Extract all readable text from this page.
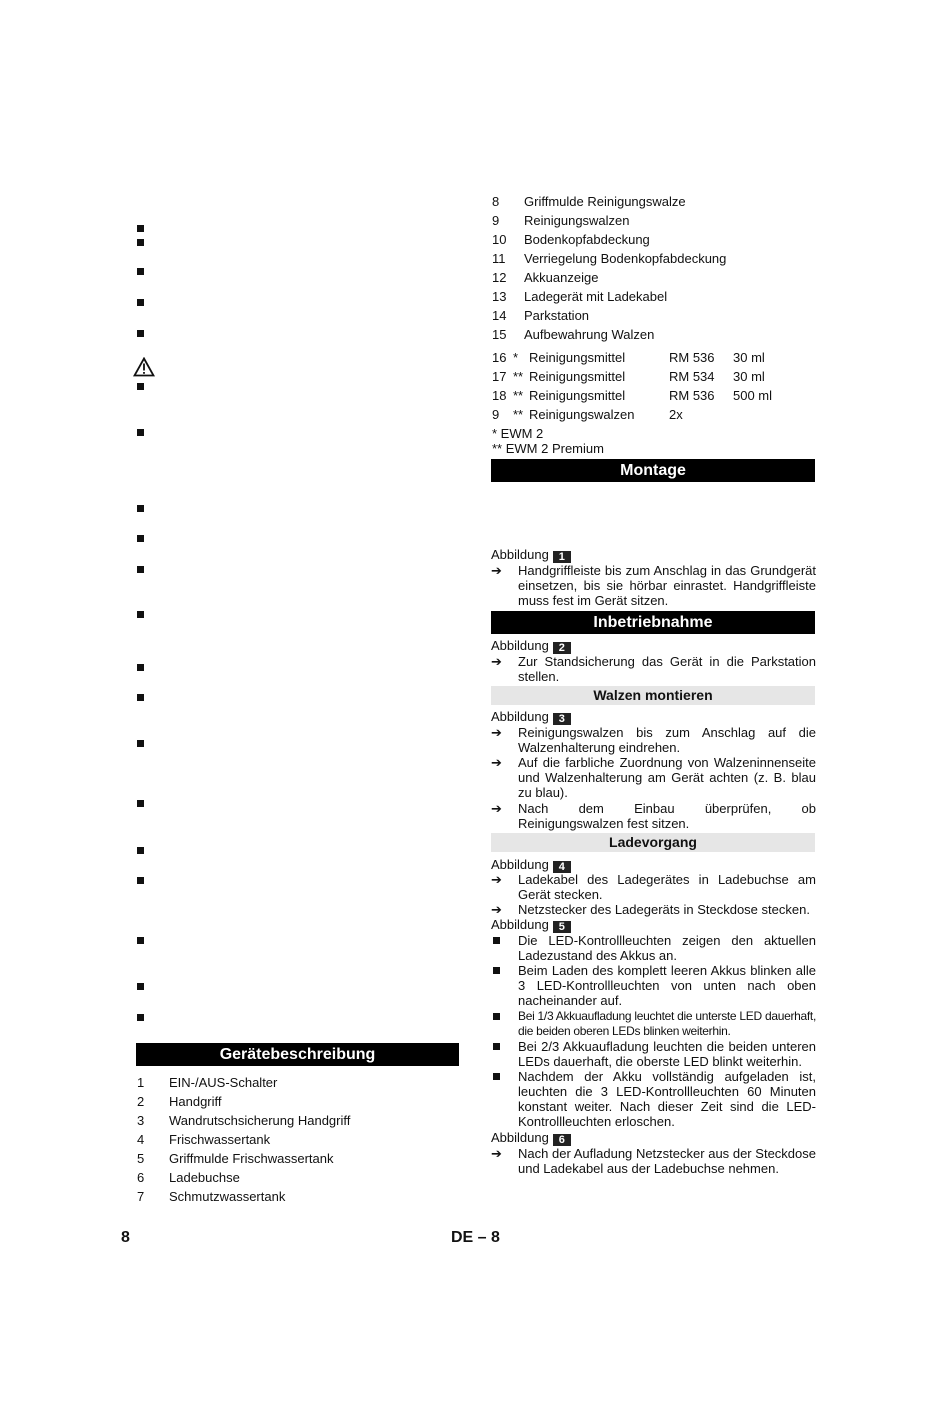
Gerätebeschreibung
1 EIN-/AUS-Schalter
2 Handgriff
3 Wandrutschsicherung Handgriff
4 Frischwassertank
5 Griffmulde Frischwassertank
6 Ladebuchse
7 Schmutzwassertank
8 Griffmulde Reinigungswalze
9 Reinigungswalzen
10 Bodenkopfabdeckung
11 Verriegelung Bodenkopfabdeckung
12 Akkuanzeige
13 Ladegerät mit Ladekabel
14 Parkstation
15 Aufbewahrung Walzen
16 * Reinigungsmittel	RM 536 30 ml
17 ** Reinigungsmittel	RM 534 30 ml
18 ** Reinigungsmittel	RM 536 500 ml
9 ** Reinigungswalzen	2x
* EWM 2
** EWM 2 Premium
Montage
Abbildung 1
➔ Handgriffleiste bis zum Anschlag in das Grundgerät einsetzen, bis sie hörbar einrastet. Handgriffleiste muss fest im Gerät sitzen.
Inbetriebnahme
Abbildung 2
➔ Zur Standsicherung das Gerät in die Parkstation stellen.
Walzen montieren
Abbildung 3
➔ Reinigungswalzen bis zum Anschlag auf die Walzenhalterung eindrehen.
➔ Auf die farbliche Zuordnung von Walzeninnenseite und Walzenhalterung am Gerät achten (z. B. blau zu blau).
➔ Nach dem Einbau überprüfen, ob Reinigungswalzen fest sitzen.
Ladevorgang
Abbildung 4
➔ Ladekabel des Ladegerätes in Ladebuchse am Gerät stecken.
➔ Netzstecker des Ladegeräts in Steckdose stecken.
Abbildung 5
Die LED-Kontrollleuchten zeigen den aktuellen Ladezustand des Akkus an.
Beim Laden des komplett leeren Akkus blinken alle 3 LED-Kontrollleuchten von unten nach oben nacheinander auf.
Bei 1/3 Akkuaufladung leuchtet die unterste LED dauerhaft, die beiden oberen LEDs blinken weiterhin.
Bei 2/3 Akkuaufladung leuchten die beiden unteren LEDs dauerhaft, die oberste LED blinkt weiterhin.
Nachdem der Akku vollständig aufgeladen ist, leuchten die 3 LED-Kontrollleuchten 60 Minuten konstant weiter. Nach dieser Zeit sind die LED-Kontrollleuchten erloschen.
Abbildung 6
➔ Nach der Aufladung Netzstecker aus der Steckdose und Ladekabel aus der Ladebuchse nehmen.
8	DE – 8
